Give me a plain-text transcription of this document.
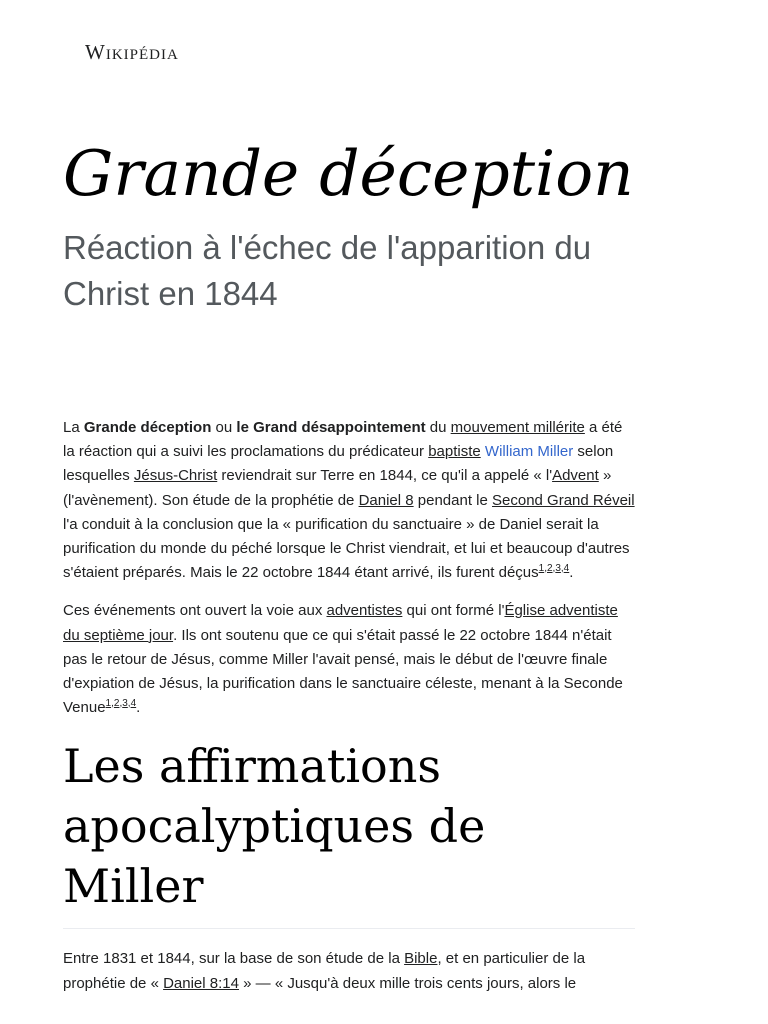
Wikipédia
Grande déception
Réaction à l'échec de l'apparition du Christ en 1844

La Grande déception ou le Grand désappointement du mouvement millérite a été la réaction qui a suivi les proclamations du prédicateur baptiste William Miller selon lesquelles Jésus-Christ reviendrait sur Terre en 1844, ce qu'il a appelé « l'Advent » (l'avènement). Son étude de la prophétie de Daniel 8 pendant le Second Grand Réveil l'a conduit à la conclusion que la « purification du sanctuaire » de Daniel serait la purification du monde du péché lorsque le Christ viendrait, et lui et beaucoup d'autres s'étaient préparés. Mais le 22 octobre 1844 étant arrivé, ils furent déçus$^{1,2,3,4}$.

Ces événements ont ouvert la voie aux adventistes qui ont formé l'Église adventiste du septième jour. Ils ont soutenu que ce qui s'était passé le 22 octobre 1844 n'était pas le retour de Jésus, comme Miller l'avait pensé, mais le début de l'œuvre finale d'expiation de Jésus, la purification dans le sanctuaire céleste, menant à la Seconde Venue$^{1,2,3,4}$.

Les affirmations apocalyptiques de Miller

Entre 1831 et 1844, sur la base de son étude de la Bible, et en particulier de la prophétie de « Daniel 8:14 » — « Jusqu'à deux mille trois cents jours, alors le
